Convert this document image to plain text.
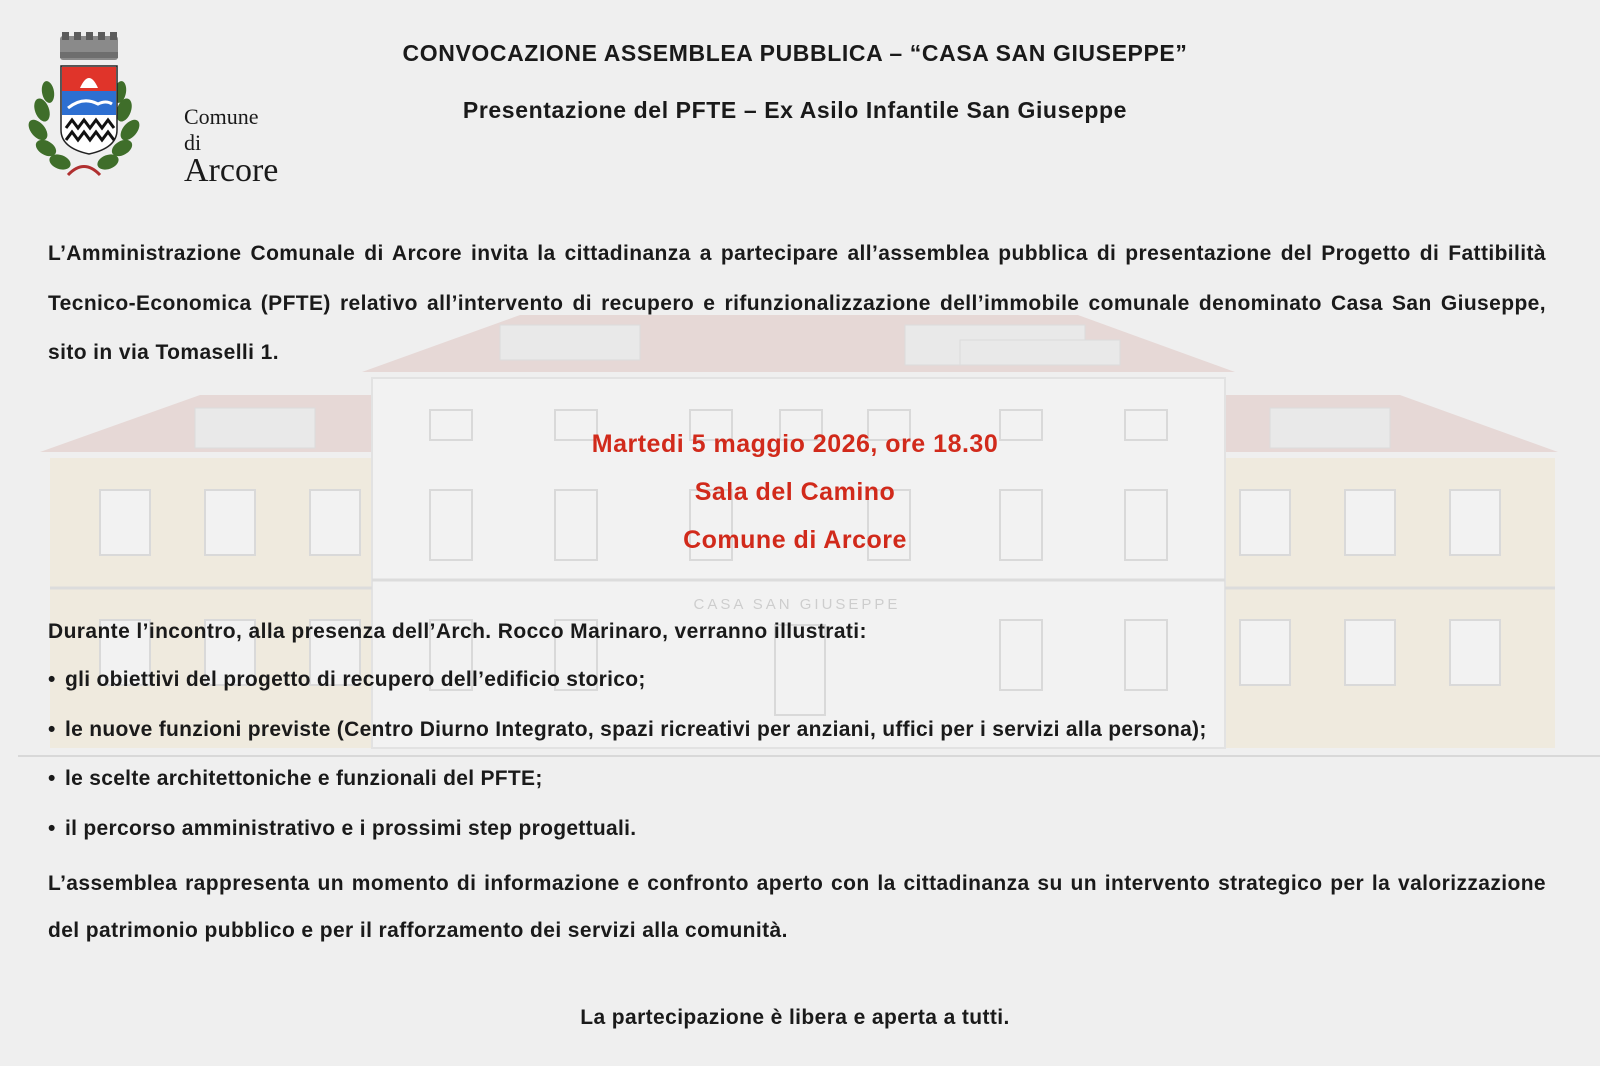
CASA SAN GIUSEPPE
Comune di
Arcore
CONVOCAZIONE ASSEMBLEA PUBBLICA – “CASA SAN GIUSEPPE”
Presentazione del PFTE – Ex Asilo Infantile San Giuseppe
L’Amministrazione Comunale di Arcore invita la cittadinanza a partecipare all’assemblea pubblica di presentazione del Progetto di Fattibilità Tecnico-Economica (PFTE) relativo all’intervento di recupero e rifunzionalizzazione dell’immobile comunale denominato Casa San Giuseppe, sito in via Tomaselli 1.
Martedi 5 maggio 2026, ore 18.30
Sala del Camino
Comune di Arcore
Durante l’incontro, alla presenza dell’Arch. Rocco Marinaro, verranno illustrati:
• gli obiettivi del progetto di recupero dell’edificio storico;
• le nuove funzioni previste (Centro Diurno Integrato, spazi ricreativi per anziani, uffici per i servizi alla persona);
• le scelte architettoniche e funzionali del PFTE;
• il percorso amministrativo e i prossimi step progettuali.
L’assemblea rappresenta un momento di informazione e confronto aperto con la cittadinanza su un intervento strategico per la valorizzazione del patrimonio pubblico e per il rafforzamento dei servizi alla comunità.
La partecipazione è libera e aperta a tutti.
